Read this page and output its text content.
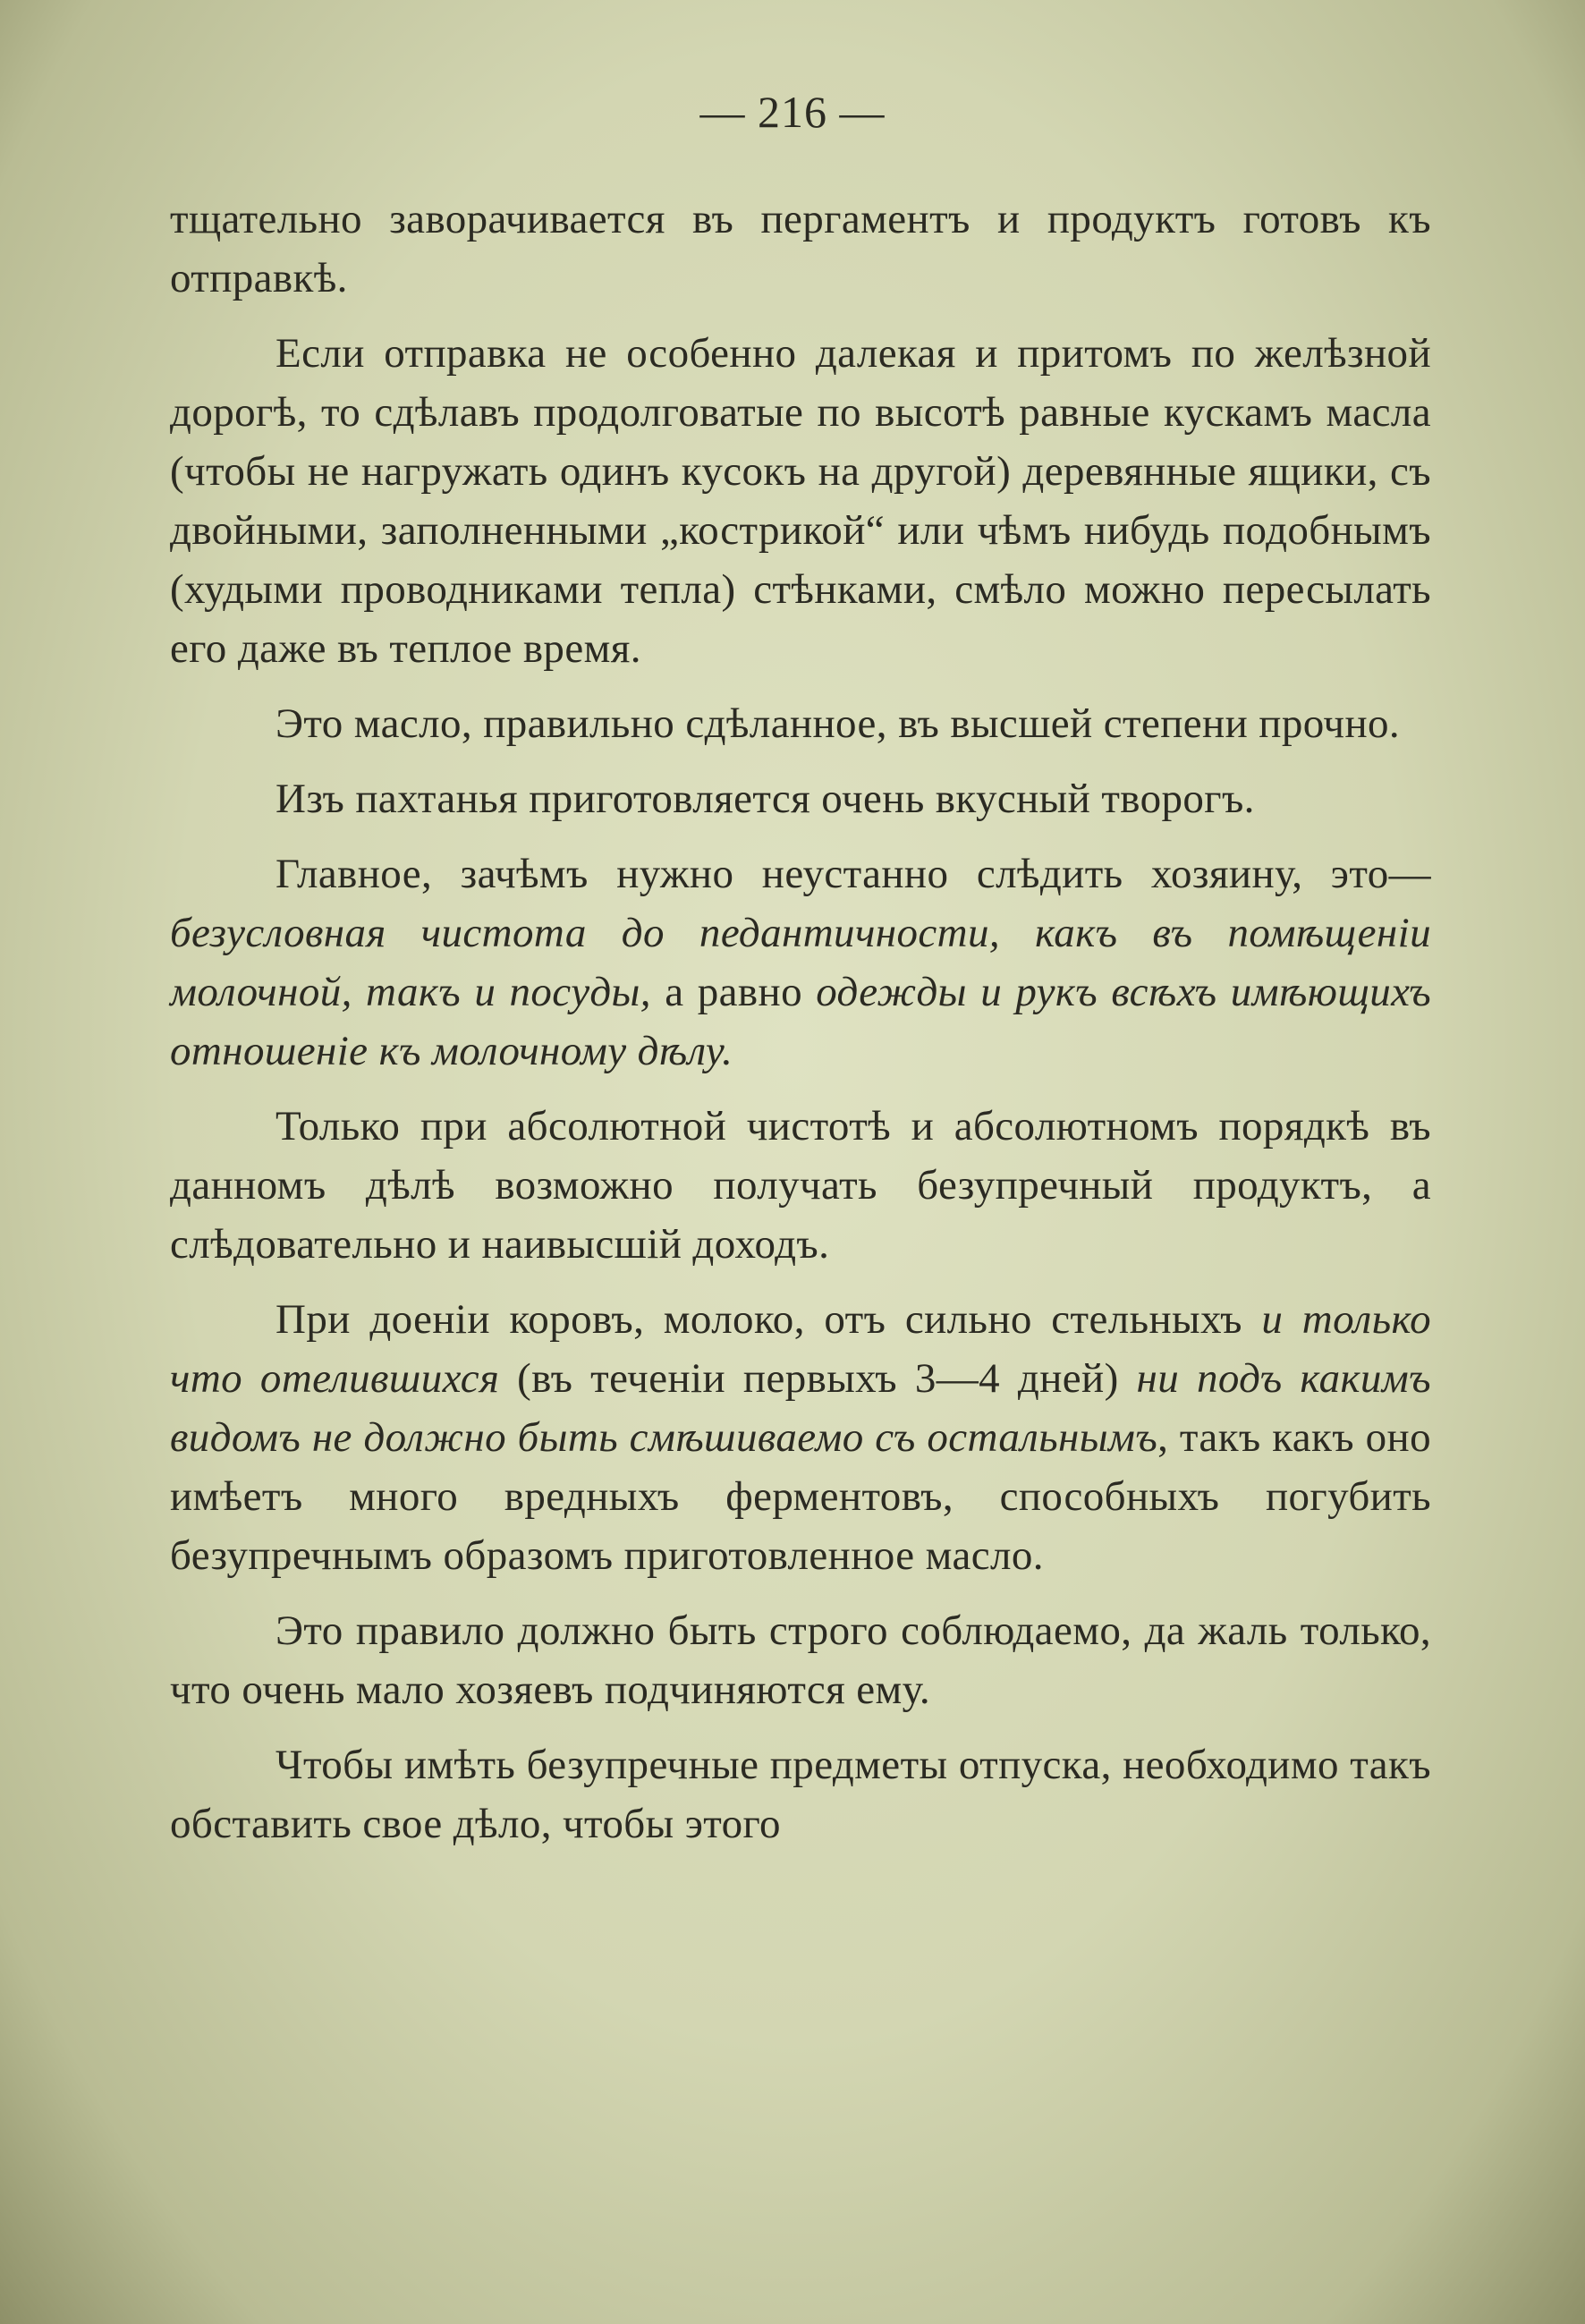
— 216 —

тщательно заворачивается въ пергаментъ и продуктъ готовъ къ отправкѣ.

Если отправка не особенно далекая и притомъ по желѣзной дорогѣ, то сдѣлавъ продолговатые по высотѣ равные кускамъ масла (чтобы не нагружать одинъ кусокъ на другой) деревянные ящики, съ двойными, заполненными „кострикой“ или чѣмъ нибудь подобнымъ (худыми проводниками тепла) стѣнками, смѣло можно пересылать его даже въ теплое время.

Это масло, правильно сдѣланное, въ высшей степени прочно.

Изъ пахтанья приготовляется очень вкусный творогъ.

Главное, зачѣмъ нужно неустанно слѣдить хозяину, это—безусловная чистота до педантичности, какъ въ помѣщеніи молочной, такъ и посуды, а равно одежды и рукъ всѣхъ имѣющихъ отношеніе къ молочному дѣлу.

Только при абсолютной чистотѣ и абсолютномъ порядкѣ въ данномъ дѣлѣ возможно получать безупречный продуктъ, а слѣдовательно и наивысшій доходъ.

При доеніи коровъ, молоко, отъ сильно стельныхъ и только что отелившихся (въ теченіи первыхъ 3—4 дней) ни подъ какимъ видомъ не должно быть смѣшиваемо съ остальнымъ, такъ какъ оно имѣетъ много вредныхъ ферментовъ, способныхъ погубить безупречнымъ образомъ приготовленное масло.

Это правило должно быть строго соблюдаемо, да жаль только, что очень мало хозяевъ подчиняются ему.

Чтобы имѣть безупречные предметы отпуска, необходимо такъ обставить свое дѣло, чтобы этого
